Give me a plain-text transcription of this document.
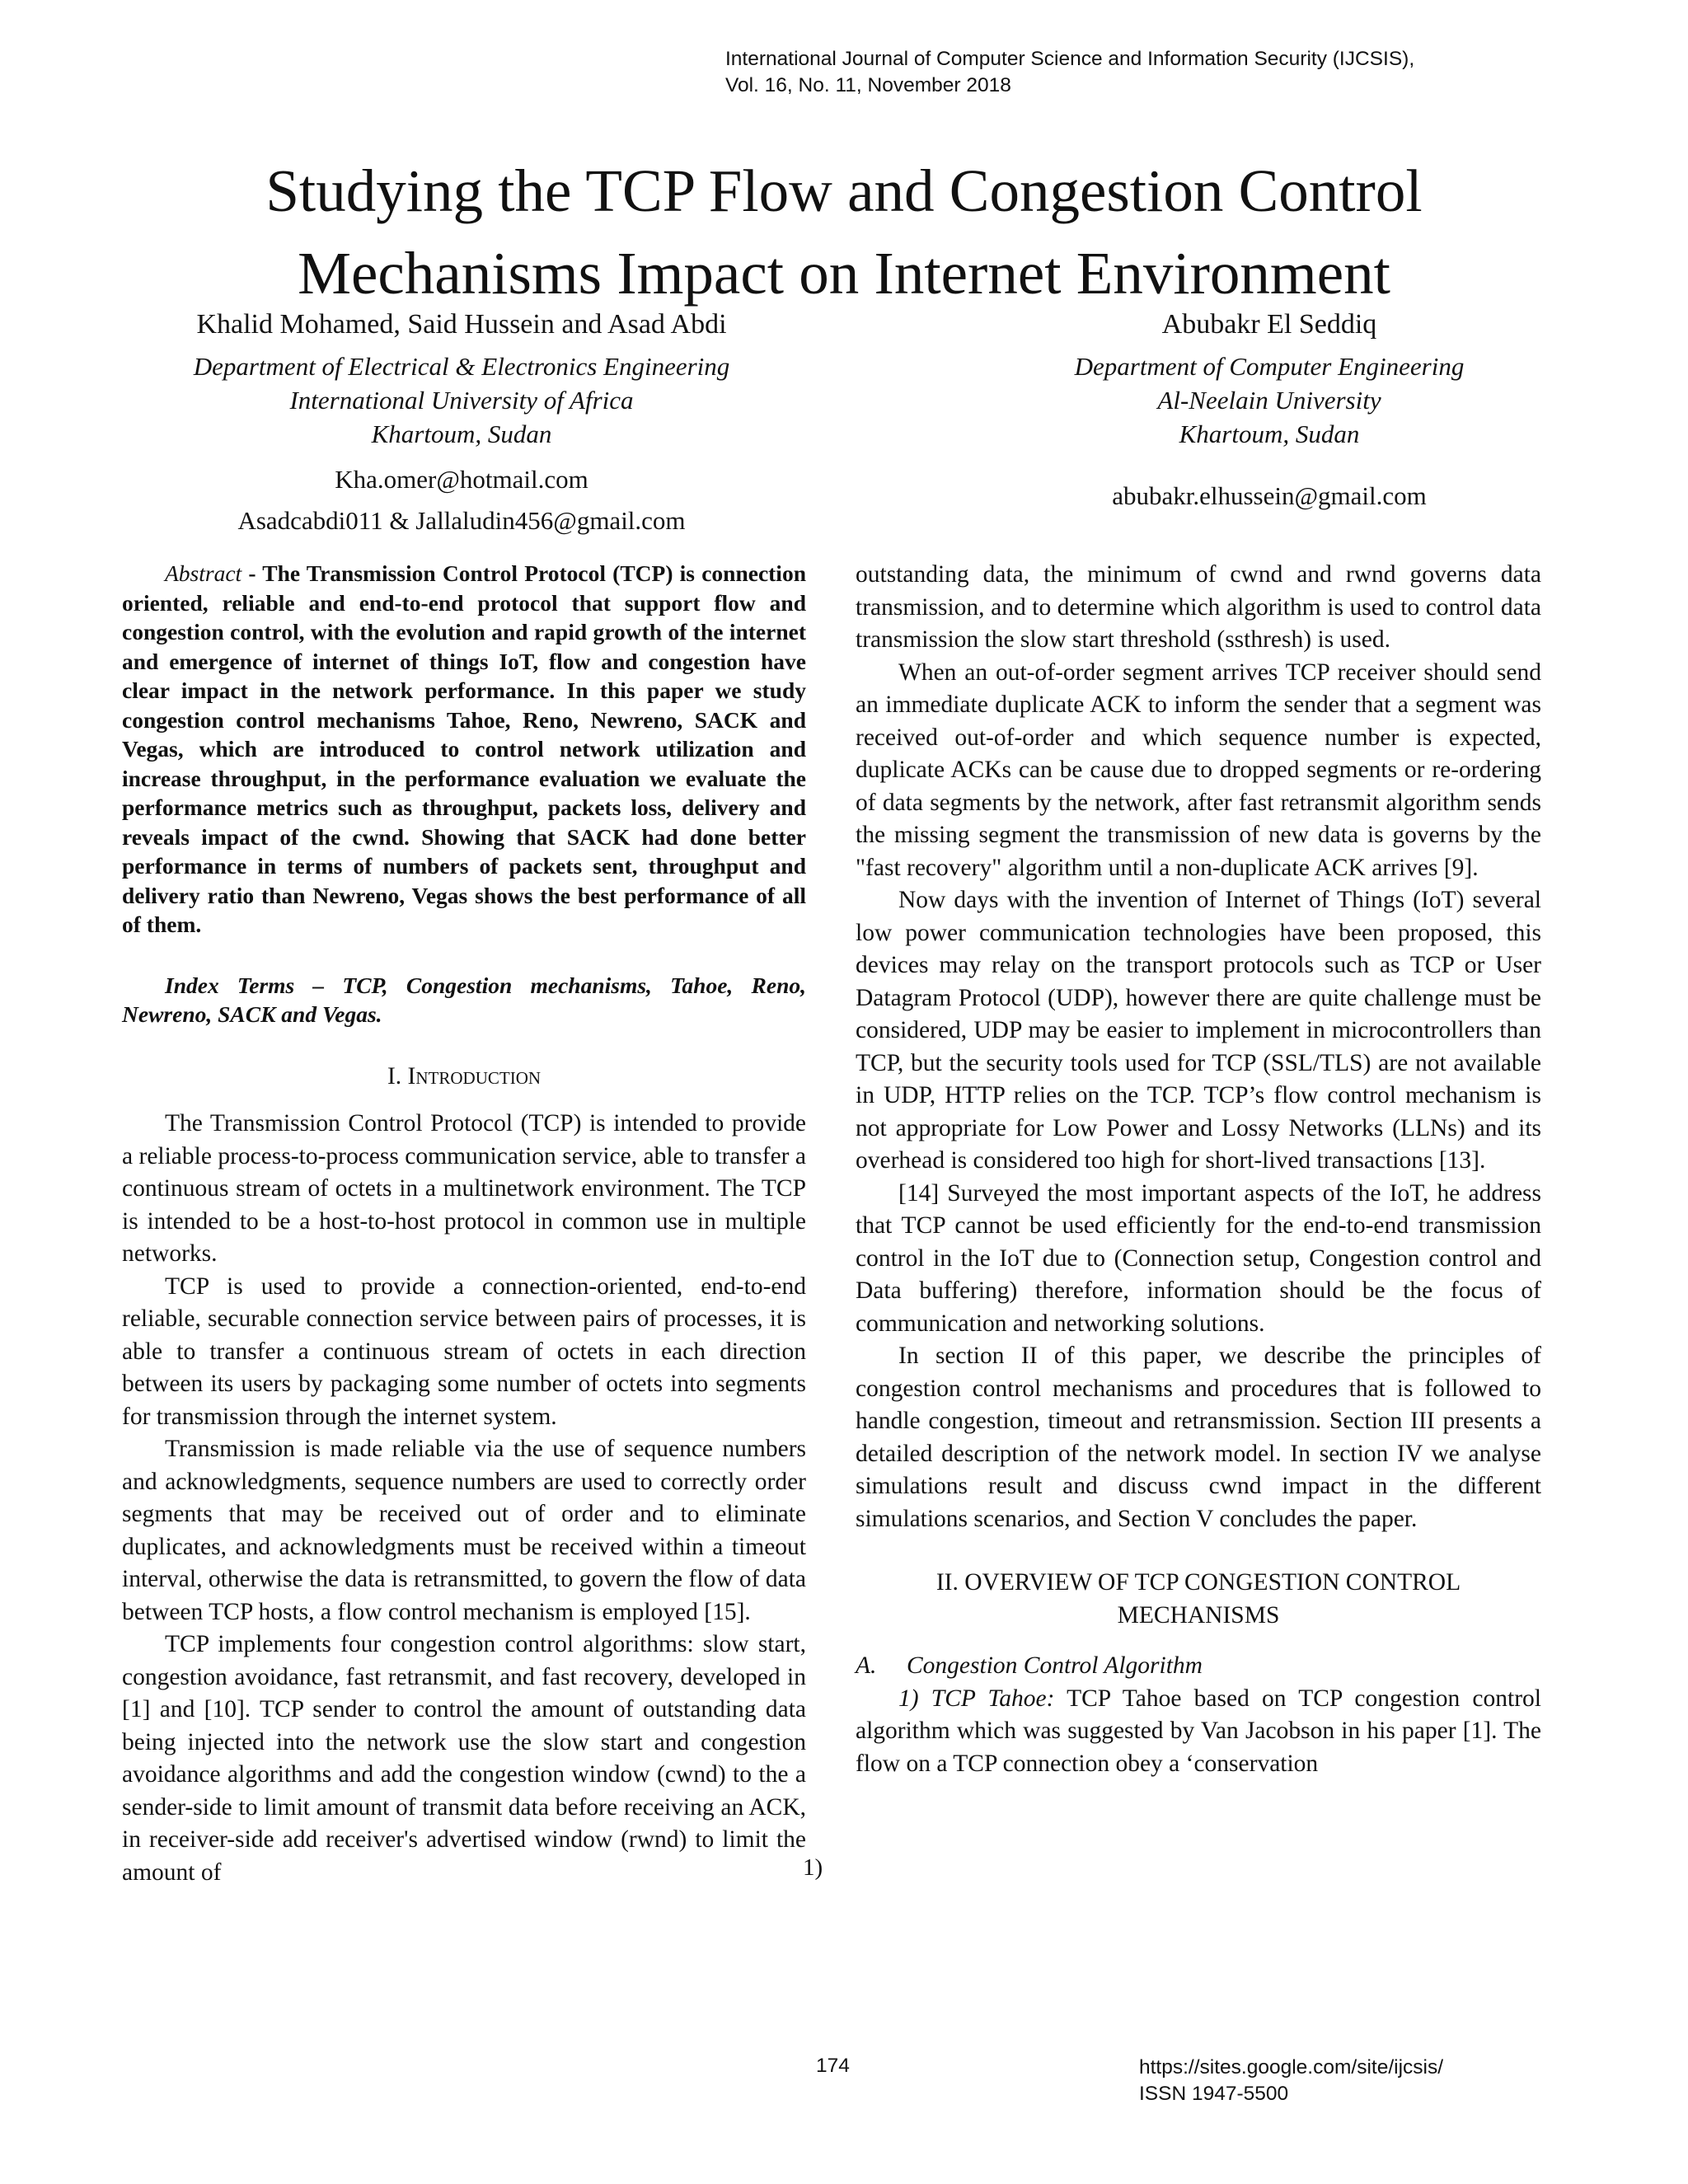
International Journal of Computer Science and Information Security (IJCSIS),
Vol. 16, No. 11, November 2018
Studying the TCP Flow and Congestion Control
Mechanisms Impact on Internet Environment
Khalid Mohamed, Said Hussein and Asad Abdi
Department of Electrical & Electronics Engineering
International University of Africa
Khartoum, Sudan
Kha.omer@hotmail.com
Asadcabdi011 & Jallaludin456@gmail.com
Abubakr El Seddiq
Department of Computer Engineering
Al-Neelain University
Khartoum, Sudan
abubakr.elhussein@gmail.com

Abstract - The Transmission Control Protocol (TCP) is connection oriented, reliable and end-to-end protocol that support flow and congestion control, with the evolution and rapid growth of the internet and emergence of internet of things IoT, flow and congestion have clear impact in the network performance. In this paper we study congestion control mechanisms Tahoe, Reno, Newreno, SACK and Vegas, which are introduced to control network utilization and increase throughput, in the performance evaluation we evaluate the performance metrics such as throughput, packets loss, delivery and reveals impact of the cwnd. Showing that SACK had done better performance in terms of numbers of packets sent, throughput and delivery ratio than Newreno, Vegas shows the best performance of all of them.

Index Terms – TCP, Congestion mechanisms, Tahoe, Reno, Newreno, SACK and Vegas.

I. Introduction

The Transmission Control Protocol (TCP) is intended to provide a reliable process-to-process communication service, able to transfer a continuous stream of octets in a multinetwork environment. The TCP is intended to be a host-to-host protocol in common use in multiple networks.

TCP is used to provide a connection-oriented, end-to-end reliable, securable connection service between pairs of processes, it is able to transfer a continuous stream of octets in each direction between its users by packaging some number of octets into segments for transmission through the internet system.

Transmission is made reliable via the use of sequence numbers and acknowledgments, sequence numbers are used to correctly order segments that may be received out of order and to eliminate duplicates, and acknowledgments must be received within a timeout interval, otherwise the data is retransmitted, to govern the flow of data between TCP hosts, a flow control mechanism is employed [15].

TCP implements four congestion control algorithms: slow start, congestion avoidance, fast retransmit, and fast recovery, developed in [1] and [10]. TCP sender to control the amount of outstanding data being injected into the network use the slow start and congestion avoidance algorithms and add the congestion window (cwnd) to the a sender-side to limit amount of transmit data before receiving an ACK, in receiver-side add receiver's advertised window (rwnd) to limit the amount of

outstanding data, the minimum of cwnd and rwnd governs data transmission, and to determine which algorithm is used to control data transmission the slow start threshold (ssthresh) is used.

When an out-of-order segment arrives TCP receiver should send an immediate duplicate ACK to inform the sender that a segment was received out-of-order and which sequence number is expected, duplicate ACKs can be cause due to dropped segments or re-ordering of data segments by the network, after fast retransmit algorithm sends the missing segment the transmission of new data is governs by the "fast recovery" algorithm until a non-duplicate ACK arrives [9].

Now days with the invention of Internet of Things (IoT) several low power communication technologies have been proposed, this devices may relay on the transport protocols such as TCP or User Datagram Protocol (UDP), however there are quite challenge must be considered, UDP may be easier to implement in microcontrollers than TCP, but the security tools used for TCP (SSL/TLS) are not available in UDP, HTTP relies on the TCP. TCP’s flow control mechanism is not appropriate for Low Power and Lossy Networks (LLNs) and its overhead is considered too high for short-lived transactions [13].

[14] Surveyed the most important aspects of the IoT, he address that TCP cannot be used efficiently for the end-to-end transmission control in the IoT due to (Connection setup, Congestion control and Data buffering) therefore, information should be the focus of communication and networking solutions.

In section II of this paper, we describe the principles of congestion control mechanisms and procedures that is followed to handle congestion, timeout and retransmission. Section III presents a detailed description of the network model. In section IV we analyse simulations result and discuss cwnd impact in the different simulations scenarios, and Section V concludes the paper.

II. OVERVIEW OF TCP CONGESTION CONTROL
MECHANISMS
A. Congestion Control Algorithm

1) TCP Tahoe: TCP Tahoe based on TCP congestion control algorithm which was suggested by Van Jacobson in his paper [1]. The flow on a TCP connection obey a ‘conservation

1)
174	https://sites.google.com/site/ijcsis/
ISSN 1947-5500
